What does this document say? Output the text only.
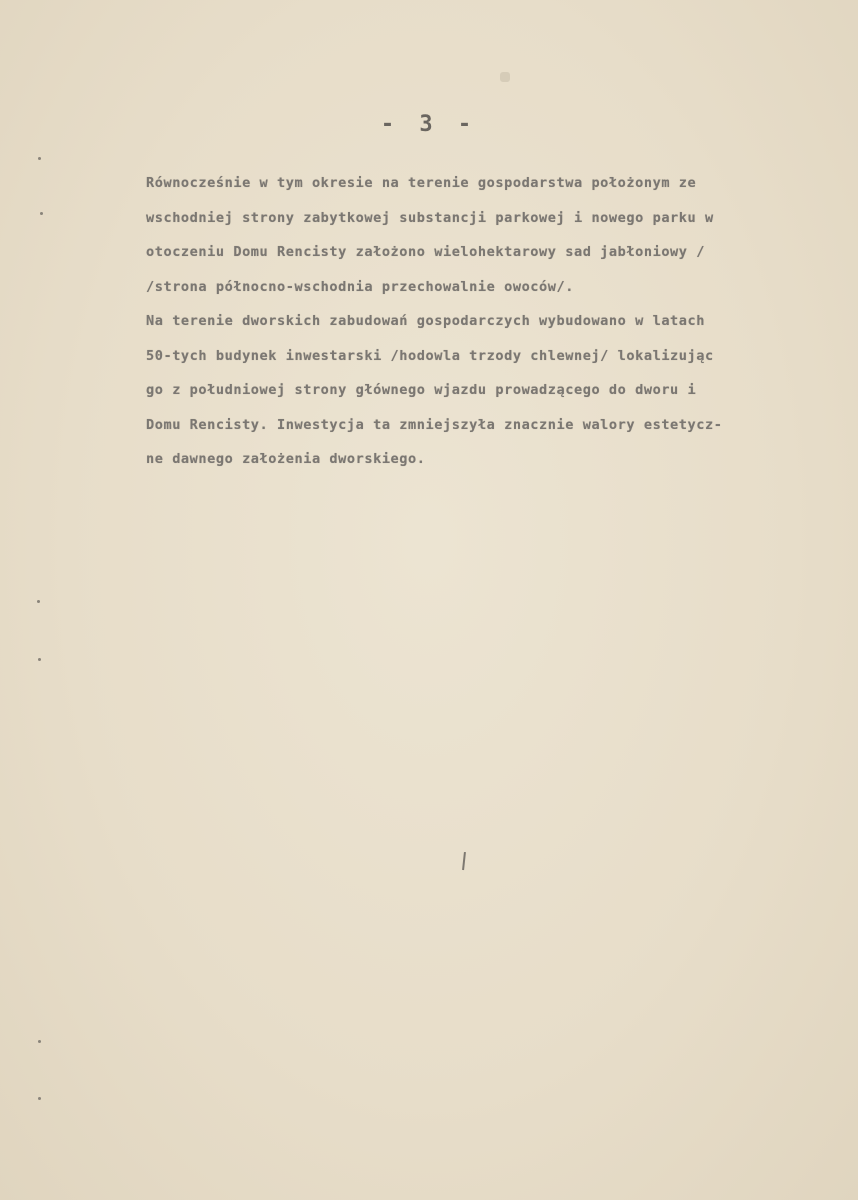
- 3 -
Równocześnie w tym okresie na terenie gospodarstwa położonym ze
wschodniej strony zabytkowej substancji parkowej i nowego parku w
otoczeniu Domu Rencisty założono wielohektarowy sad jabłoniowy /
/strona północno-wschodnia przechowalnie owoców/.
Na terenie dworskich zabudowań gospodarczych wybudowano w latach
50-tych budynek inwestarski /hodowla trzody chlewnej/ lokalizując
go z południowej strony głównego wjazdu prowadzącego do dworu i
Domu Rencisty. Inwestycja ta zmniejszyła znacznie walory estetycz-
ne dawnego założenia dworskiego.
